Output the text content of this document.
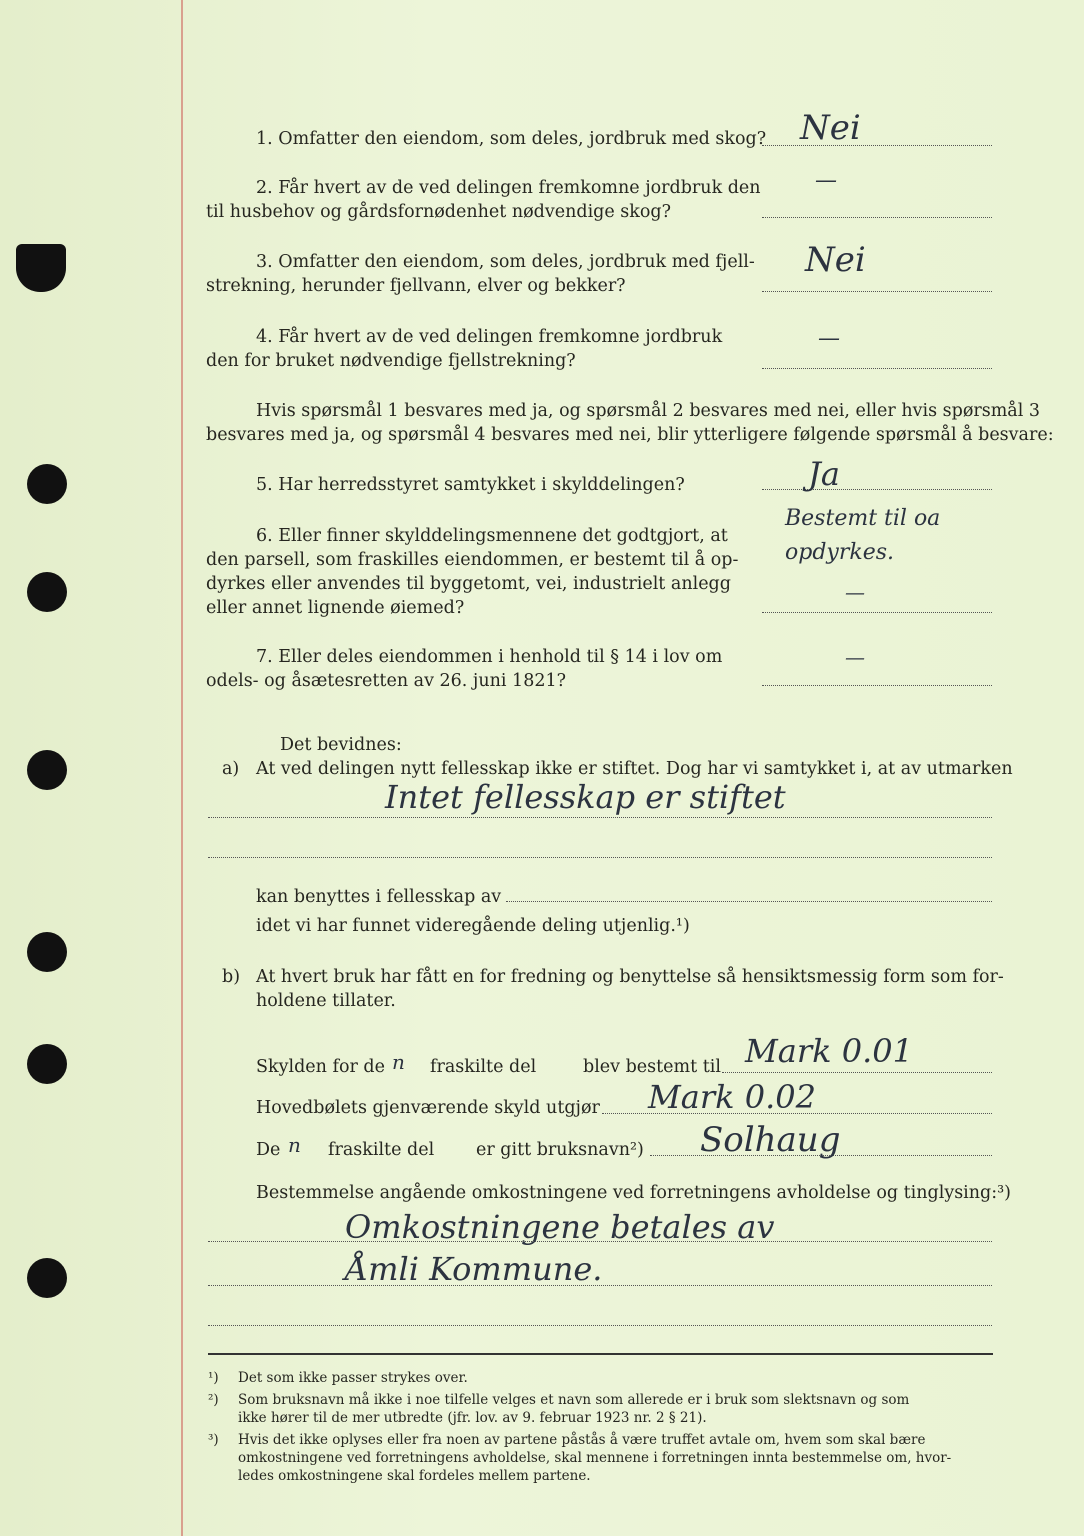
1. Omfatter den eiendom, som deles, jordbruk med skog? Nei
2. Får hvert av de ved delingen fremkomne jordbruk den
til husbehov og gårdsfornødenhet nødvendige skog?
—
3. Omfatter den eiendom, som deles, jordbruk med fjell-
strekning, herunder fjellvann, elver og bekker?
Nei
4. Får hvert av de ved delingen fremkomne jordbruk
den for bruket nødvendige fjellstrekning?
—
Hvis spørsmål 1 besvares med ja, og spørsmål 2 besvares med nei, eller hvis spørsmål 3
besvares med ja, og spørsmål 4 besvares med nei, blir ytterligere følgende spørsmål å besvare:
5. Har herredsstyret samtykket i skylddelingen?	Ja
6. Eller finner skylddelingsmennene det godtgjort, at
den parsell, som fraskilles eiendommen, er bestemt til å op-
dyrkes eller anvendes til byggetomt, vei, industrielt anlegg
eller annet lignende øiemed?
Bestemt til oa
opdyrkes.
—
7. Eller deles eiendommen i henhold til § 14 i lov om
odels- og åsætesretten av 26. juni 1821?
—
Det bevidnes:
a) At ved delingen nytt fellesskap ikke er stiftet. Dog har vi samtykket i, at av utmarken
Intet fellesskap er stiftet
kan benyttes i fellesskap av
idet vi har funnet videregående deling utjenlig.¹)
b) At hvert bruk har fått en for fredning og benyttelse så hensiktsmessig form som for-
holdene tillater.
Skylden for de n fraskilte del	blev bestemt til Mark 0.01
Hovedbølets gjenværende skyld utgjør Mark 0.02
De n fraskilte del er gitt bruksnavn²) Solhaug
Bestemmelse angående omkostningene ved forretningens avholdelse og tinglysing:³)
Omkostningene betales av
Åmli Kommune.
¹) Det som ikke passer strykes over.
²) Som bruksnavn må ikke i noe tilfelle velges et navn som allerede er i bruk som slektsnavn og som
ikke hører til de mer utbredte (jfr. lov. av 9. februar 1923 nr. 2 § 21).
³) Hvis det ikke oplyses eller fra noen av partene påstås å være truffet avtale om, hvem som skal bære
omkostningene ved forretningens avholdelse, skal mennene i forretningen innta bestemmelse om, hvor-
ledes omkostningene skal fordeles mellem partene.
